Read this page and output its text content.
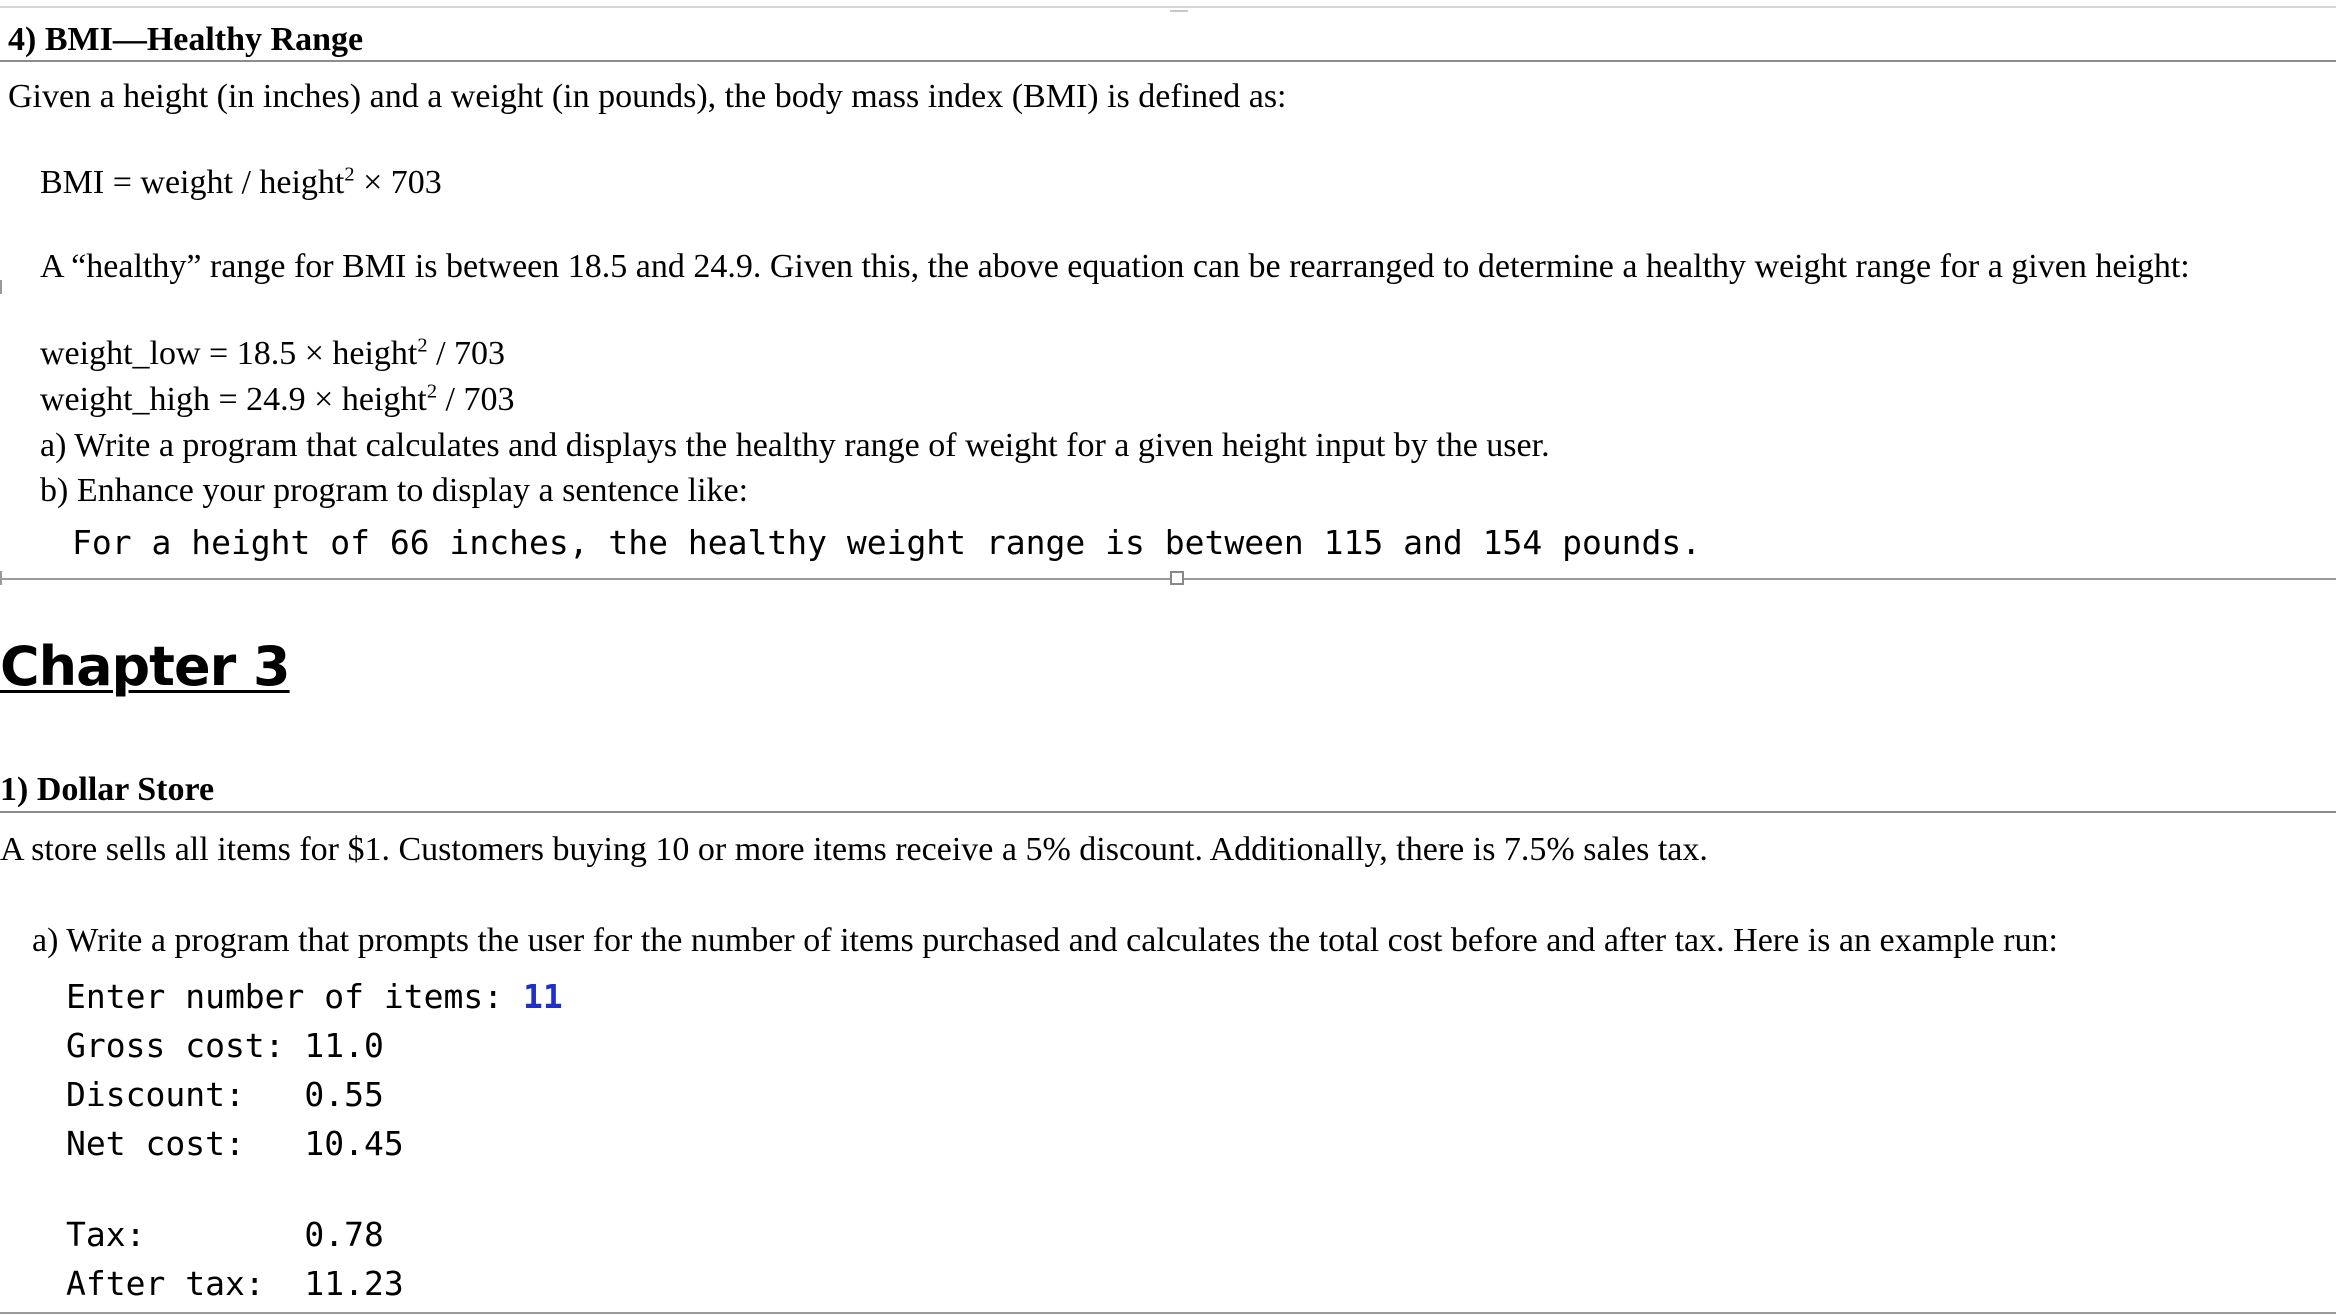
4) BMI—Healthy Range
Given a height (in inches) and a weight (in pounds), the body mass index (BMI) is defined as:
BMI = weight / height$^2$ × 703
A “healthy” range for BMI is between 18.5 and 24.9. Given this, the above equation can be rearranged to determine a healthy weight range for a given height:
weight_low = 18.5 × height$^2$ / 703
weight_high = 24.9 × height$^2$ / 703
a) Write a program that calculates and displays the healthy range of weight for a given height input by the user.
b) Enhance your program to display a sentence like:
For a height of 66 inches, the healthy weight range is between 115 and 154 pounds.
Chapter 3
1) Dollar Store
A store sells all items for $1. Customers buying 10 or more items receive a 5% discount. Additionally, there is 7.5% sales tax.
a) Write a program that prompts the user for the number of items purchased and calculates the total cost before and after tax. Here is an example run:
Enter number of items: 11
Gross cost: 11.0
Discount:   0.55
Net cost:   10.45
Tax:        0.78
After tax:  11.23
